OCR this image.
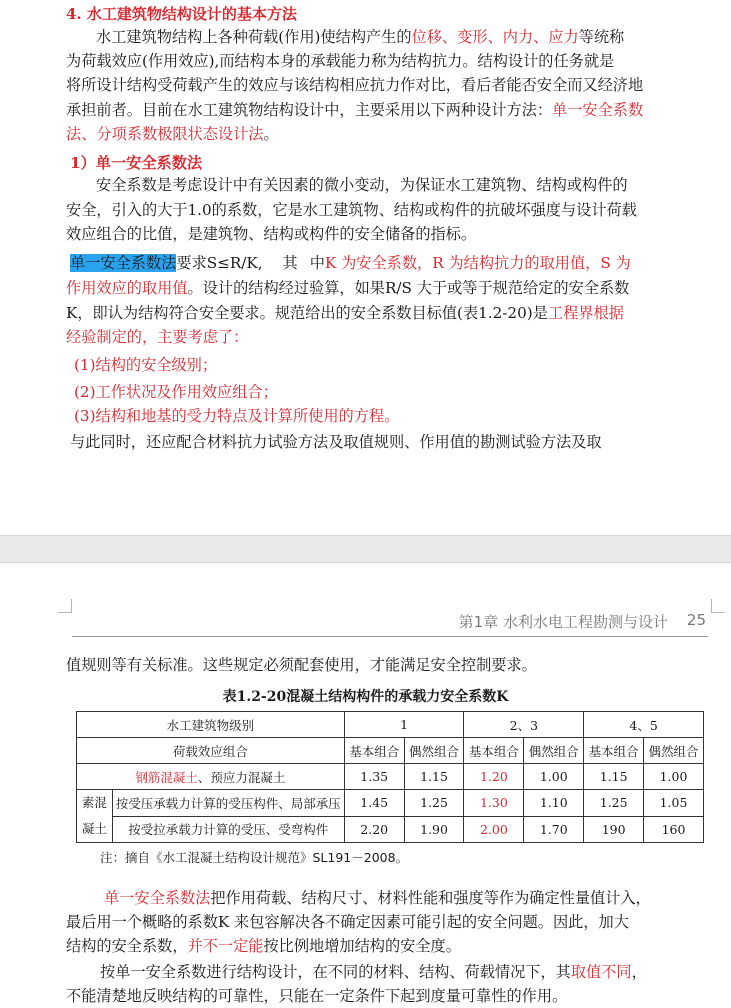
4. 水工建筑物结构设计的基本方法
水工建筑物结构上各种荷载(作用)使结构产生的位移、变形、内力、应力等统称
为荷载效应(作用效应),而结构本身的承载能力称为结构抗力。结构设计的任务就是
将所设计结构受荷载产生的效应与该结构相应抗力作对比，看后者能否安全而又经济地
承担前者。目前在水工建筑物结构设计中，主要采用以下两种设计方法：单一安全系数
法、分项系数极限状态设计法。
1）单一安全系数法
安全系数是考虑设计中有关因素的微小变动，为保证水工建筑物、结构或构件的
安全，引入的大于1.0的系数，它是水工建筑物、结构或构件的抗破坏强度与设计荷载
效应组合的比值，是建筑物、结构或构件的安全储备的指标。
单一安全系数法要求S≤R/K, 其 中K 为安全系数，R 为结构抗力的取用值，S 为
作用效应的取用值。设计的结构经过验算，如果R/S 大于或等于规范给定的安全系数
K，即认为结构符合安全要求。规范给出的安全系数目标值(表1.2-20)是工程界根据
经验制定的，主要考虑了：
(1)结构的安全级别；
(2)工作状况及作用效应组合；
(3)结构和地基的受力特点及计算所使用的方程。
与此同时，还应配合材料抗力试验方法及取值规则、作用值的勘测试验方法及取
第1章 水利水电工程勘测与设计 25
值规则等有关标准。这些规定必须配套使用，才能满足安全控制要求。
表1.2-20混凝土结构构件的承载力安全系数K
水工建筑物级别		1		2、3		4、5	
荷载效应组合		基本组合	偶然组合	基本组合	偶然组合	基本组合	偶然组合
钢筋混凝土、预应力混凝土		1.35	1.15	1.20	1.00	1.15	1.00
素混
凝土	按受压承载力计算的受压构件、局部承压	1.45	1.25	1.30	1.10	1.25	1.05
	按受拉承载力计算的受压、受弯构件	2.20	1.90	2.00	1.70	190	160
注：摘自《水工混凝土结构设计规范》SL191－2008。
单一安全系数法把作用荷载、结构尺寸、材料性能和强度等作为确定性量值计入，
最后用一个概略的系数K 来包容解决各不确定因素可能引起的安全问题。因此，加大
结构的安全系数，并不一定能按比例地增加结构的安全度。
按单一安全系数进行结构设计，在不同的材料、结构、荷载情况下，其取值不同，
不能清楚地反映结构的可靠性，只能在一定条件下起到度量可靠性的作用。
